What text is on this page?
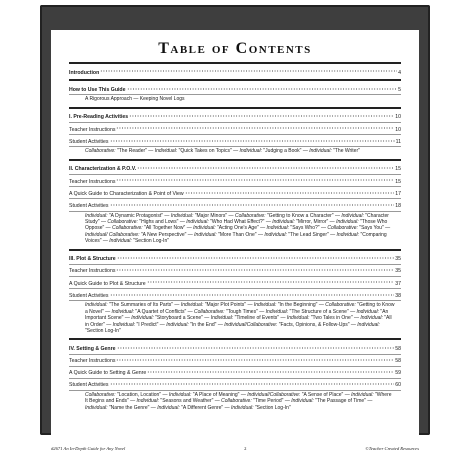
Table of Contents
Introduction	4
How to Use This Guide	5
A Rigorous Approach — Keeping Novel Logs
I. Pre-Reading Activities	10
Teacher Instructions	10
Student Activities	11
Collaborative: "The Reader" — Individual: "Quick Takes on Topics" — Individual: "Judging a Book" — Individual: "The Writer"
II. Characterization & P.O.V.	15
Teacher Instructions	15
A Quick Guide to Characterization & Point of View	17
Student Activities	18
Individual: "A Dynamic Protagonist" — Individual: "Major Minors" — Collaborative: "Getting to Know a Character" — Individual: "Character Study" — Collaborative: "Highs and Lows" — Individual: "Who Had What Effect?" — Individual: "Mirror, Mirror" — Individual: "Those Who Oppose" — Collaborative: "All Together Now" — Individual: "Acting One's Age" — Individual: "Says Who?" — Collaborative: "Says You" — Individual/ Collaborative: "A New Perspective" — Individual: "More Than One" — Individual: "The Lead Singer" — Individual: "Comparing Voices" — Individual: "Section Log-In"
III. Plot & Structure	35
Teacher Instructions	35
A Quick Guide to Plot & Structure	37
Student Activities	38
Individual: "The Summaries of Its Parts" — Individual: "Major Plot Points" — Individual: "In the Beginning" — Collaborative: "Getting to Know a Novel" — Individual: "A Quartet of Conflicts" — Collaborative: "Tough Times" — Individual: "The Structure of a Scene" — Individual: "An Important Scene" — Individual: "Storyboard a Scene" — Individual: "Timeline of Events" — Individual: "Two Tales in One" — Individual: "All in Order" — Individual: "I Predict" — Individual: "In the End" — Individual/Collaborative: "Facts, Opinions, & Follow-Ups" — Individual: "Section Log-In"
IV. Setting & Genre	58
Teacher Instructions	58
A Quick Guide to Setting & Genre	59
Student Activities	60
Collaborative: "Location, Location" — Individual: "A Place of Meaning" — Individual/Collaborative: "A Sense of Place" — Individual: "Where It Begins and Ends" — Individual: "Seasons and Weather" — Collaborative: "Time Period" — Individual: "The Passage of Time" — Individual: "Name the Genre" — Individual: "A Different Genre" — Individual: "Section Log-In"
#2671 An In-Depth Guide for Any Novel	2	©Teacher Created Resources
